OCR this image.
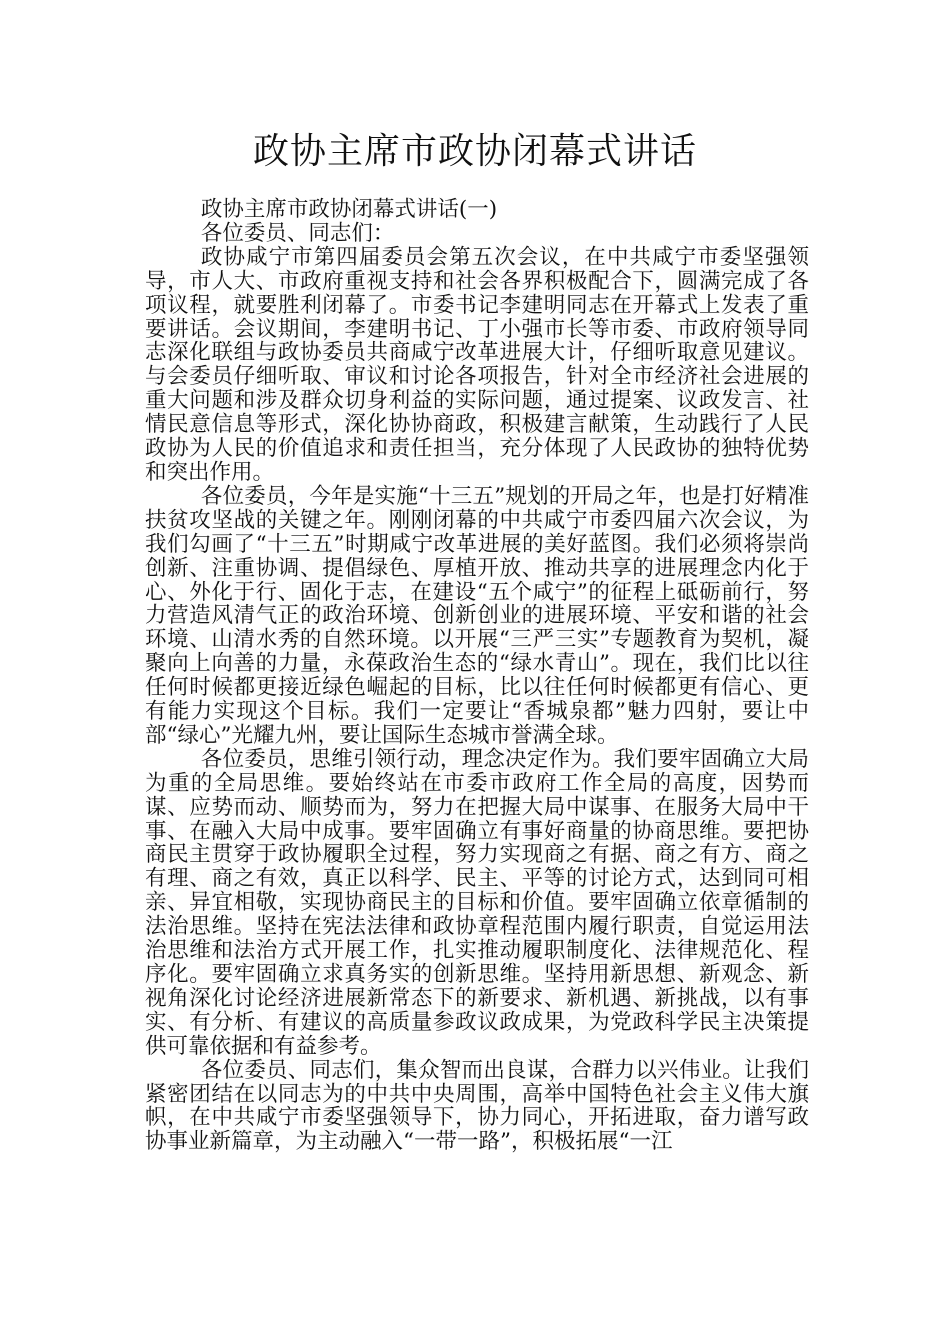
政协主席市政协闭幕式讲话

政协主席市政协闭幕式讲话(一)

各位委员、同志们：

政协咸宁市第四届委员会第五次会议，在中共咸宁市委坚强领导，市人大、市政府重视支持和社会各界积极配合下，圆满完成了各项议程，就要胜利闭幕了。市委书记李建明同志在开幕式上发表了重要讲话。会议期间，李建明书记、丁小强市长等市委、市政府领导同志深化联组与政协委员共商咸宁改革进展大计，仔细听取意见建议。与会委员仔细听取、审议和讨论各项报告，针对全市经济社会进展的重大问题和涉及群众切身利益的实际问题，通过提案、议政发言、社情民意信息等形式，深化协协商政，积极建言献策，生动践行了人民政协为人民的价值追求和责任担当，充分体现了人民政协的独特优势和突出作用。

各位委员，今年是实施“十三五”规划的开局之年，也是打好精准扶贫攻坚战的关键之年。刚刚闭幕的中共咸宁市委四届六次会议，为我们勾画了“十三五”时期咸宁改革进展的美好蓝图。我们必须将崇尚创新、注重协调、提倡绿色、厚植开放、推动共享的进展理念内化于心、外化于行、固化于志，在建设“五个咸宁”的征程上砥砺前行，努力营造风清气正的政治环境、创新创业的进展环境、平安和谐的社会环境、山清水秀的自然环境。以开展“三严三实”专题教育为契机，凝聚向上向善的力量，永葆政治生态的“绿水青山”。现在，我们比以往任何时候都更接近绿色崛起的目标，比以往任何时候都更有信心、更有能力实现这个目标。我们一定要让“香城泉都”魅力四射，要让中部“绿心”光耀九州，要让国际生态城市誉满全球。

各位委员，思维引领行动，理念决定作为。我们要牢固确立大局为重的全局思维。要始终站在市委市政府工作全局的高度，因势而谋、应势而动、顺势而为，努力在把握大局中谋事、在服务大局中干事、在融入大局中成事。要牢固确立有事好商量的协商思维。要把协商民主贯穿于政协履职全过程，努力实现商之有据、商之有方、商之有理、商之有效，真正以科学、民主、平等的讨论方式，达到同可相亲、异宜相敬，实现协商民主的目标和价值。要牢固确立依章循制的法治思维。坚持在宪法法律和政协章程范围内履行职责，自觉运用法治思维和法治方式开展工作，扎实推动履职制度化、法律规范化、程序化。要牢固确立求真务实的创新思维。坚持用新思想、新观念、新视角深化讨论经济进展新常态下的新要求、新机遇、新挑战，以有事实、有分析、有建议的高质量参政议政成果，为党政科学民主决策提供可靠依据和有益参考。

各位委员、同志们，集众智而出良谋，合群力以兴伟业。让我们紧密团结在以同志为的中共中央周围，高举中国特色社会主义伟大旗帜，在中共咸宁市委坚强领导下，协力同心，开拓进取，奋力谱写政协事业新篇章，为主动融入“一带一路”，积极拓展“一江
